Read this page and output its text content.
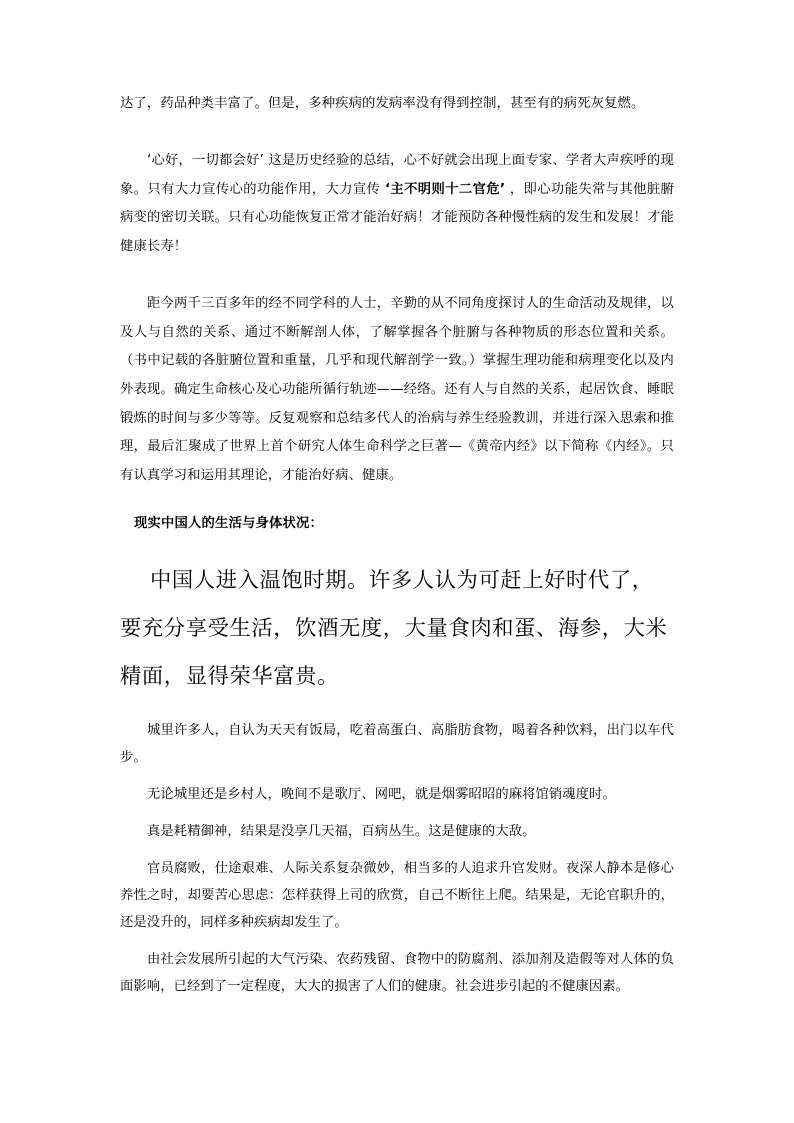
达了，药品种类丰富了。但是，多种疾病的发病率没有得到控制，甚至有的病死灰复燃。

‘心好，一切都会好’ 这是历史经验的总结，心不好就会出现上面专家、学者大声疾呼的现象。只有大力宣传心的功能作用，大力宣传 ‘主不明则十二官危’ ，即心功能失常与其他脏腑病变的密切关联。只有心功能恢复正常才能治好病！才能预防各种慢性病的发生和发展！才能健康长寿！

距今两千三百多年的经不同学科的人士，辛勤的从不同角度探讨人的生命活动及规律，以及人与自然的关系、通过不断解剖人体，了解掌握各个脏腑与各种物质的形态位置和关系。（书中记载的各脏腑位置和重量，几乎和现代解剖学一致。）掌握生理功能和病理变化以及内外表现。确定生命核心及心功能所循行轨迹——经络。还有人与自然的关系，起居饮食、睡眠锻炼的时间与多少等等。反复观察和总结多代人的治病与养生经验教训，并进行深入思索和推理，最后汇聚成了世界上首个研究人体生命科学之巨著—《黄帝内经》以下简称《内经》。只有认真学习和运用其理论，才能治好病、健康。

现实中国人的生活与身体状况：

中国人进入温饱时期。许多人认为可赶上好时代了，要充分享受生活，饮酒无度，大量食肉和蛋、海参，大米精面，显得荣华富贵。

城里许多人，自认为天天有饭局，吃着高蛋白、高脂肪食物，喝着各种饮料，出门以车代步。

无论城里还是乡村人，晚间不是歌厅、网吧，就是烟雾昭昭的麻将馆销魂度时。

真是耗精御神，结果是没享几天福，百病丛生。这是健康的大敌。

官员腐败，仕途艰难、人际关系复杂微妙，相当多的人追求升官发财。夜深人静本是修心养性之时，却要苦心思虑：怎样获得上司的欣赏，自己不断往上爬。结果是，无论官职升的，还是没升的，同样多种疾病却发生了。

由社会发展所引起的大气污染、农药残留、食物中的防腐剂、添加剂及造假等对人体的负面影响，已经到了一定程度，大大的损害了人们的健康。社会进步引起的不健康因素。
